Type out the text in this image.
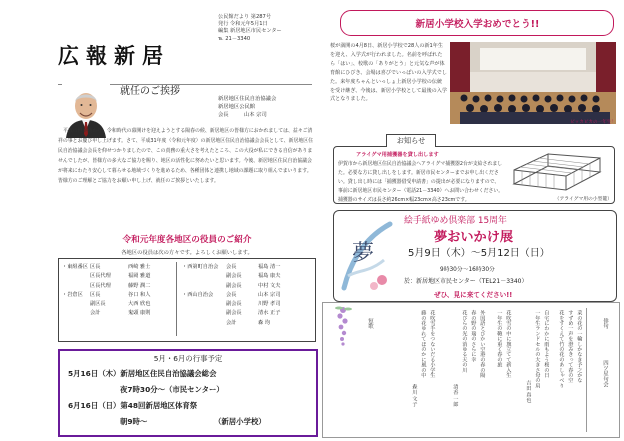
広報新居
公民館だより 第287号
発行 令和元年5月1日
編集 新居地区市民センター
℡ 21－3340
就任のご挨拶
新居地区住民自治協議会
新居地区公民館
会長	山本 宗司
平成の世が終わり、令和時代の幕開けを迎えようとする陽春の候、新居地区の皆様方におかれましては、益々ご清祥の事とお慶び申し上げます。さて、平成31年度（令和元年度）の新居地区住民自治協議会会長として、新居地区住民自治協議会会長を仰せつかりましたので、この責務の重大さを考えたところ、この大役が私にできる自信がありませんでしたが、皆様方の多大なご協力を賜り、地区の活性化に努めたいと思います。今後、新居地区住民自治協議会が将来にわたり安心して暮らせる地域づくりを進めるため、各種団体と連携し地域の課題に取り組んでまいります。皆様方のご理解とご協力をお願い申し上げ、就任のご挨拶といたします。
令和元年度各地区の役員のご紹介
各地区の役員は次の方々です。よろしくお願いします。
・東組番区 区長	西崎 雅士
区長代理	福岡 雅道
区長代理	藤野 潤二
・岩倉区 区長	谷口 和人
副区長	大西 欣也
会計	鬼頭 康則
・西第町自治会 会長	福島 清一
副会長	福島 康夫
副会長	中村 文夫
・西山自治会 会長	山本 宗司
副会長	川野 孝司
副会長	清水 正子
会計	森 均
5月・6月の行事予定
5月16日（木）新居地区住民自治協議会総会
夜7時30分～（市民センター）
6月16日（日）第48回新居地区体育祭
朝9時～	（新居小学校）
新居小学校入学おめでとう!!
桜が満開の4月8日、新居小学校で28人の新1年生を迎え、入学式が行われました。名前を呼ばれたら「はい」、校歌の「ありがとう」と元気な声が体育館にひびき、会場は喜びでいっぱいの入学式でした。来年度ちゃんといっしょ上新居小学校の伝統を受け継ぎ、今後は、新居小学校として最後の入学式となりました。
ピッカピカの一年生！
お知らせ
アライグマ用捕獲器を貸し出します
伊賀市から新居地区住民自治協議会へアライグマ捕獲器2台が支給されました。必要な方に貸し出しをします。新居市民センターまでお申し出ください。貸し出し時には「捕獲器借受申請書」の提出が必要になりますので、事前に新居地区市民センター（電話21－3340）へお問い合わせください。捕獲器のサイズは長さ約26cm×幅23cm×高さ23cmです。	（アライグマ用の小型籠）
夢
絵手紙ゆめ倶楽部 15周年
夢おいかけ展
5月9日（木）～5月12日（日）
9時30分～16時30分
於：新居地区市民センター（TEL21－3340）
ぜひ、見に来てください!!
俳句
四ツ星句会
菜の花の一輪しかなき予之かな
すずめ一声を澄みきって春の空
花をすくえて竹の花のあしゃべり
自宅にわかに雨もよう桜の日
一年生ランドセルの大きさ母の肩
吉田 真也
花吹雪の中に旗立てて新入生
一年生の鞄に重く春の旅
外国語とびかい空港の春の陽
春の野の瑞のさらに幸
花びらの光の消ゆる天の川
清香 一郎
花吹雪手をつないだる小学生
藤の花ゆれてほのかに風の中
森川 文子
短歌
